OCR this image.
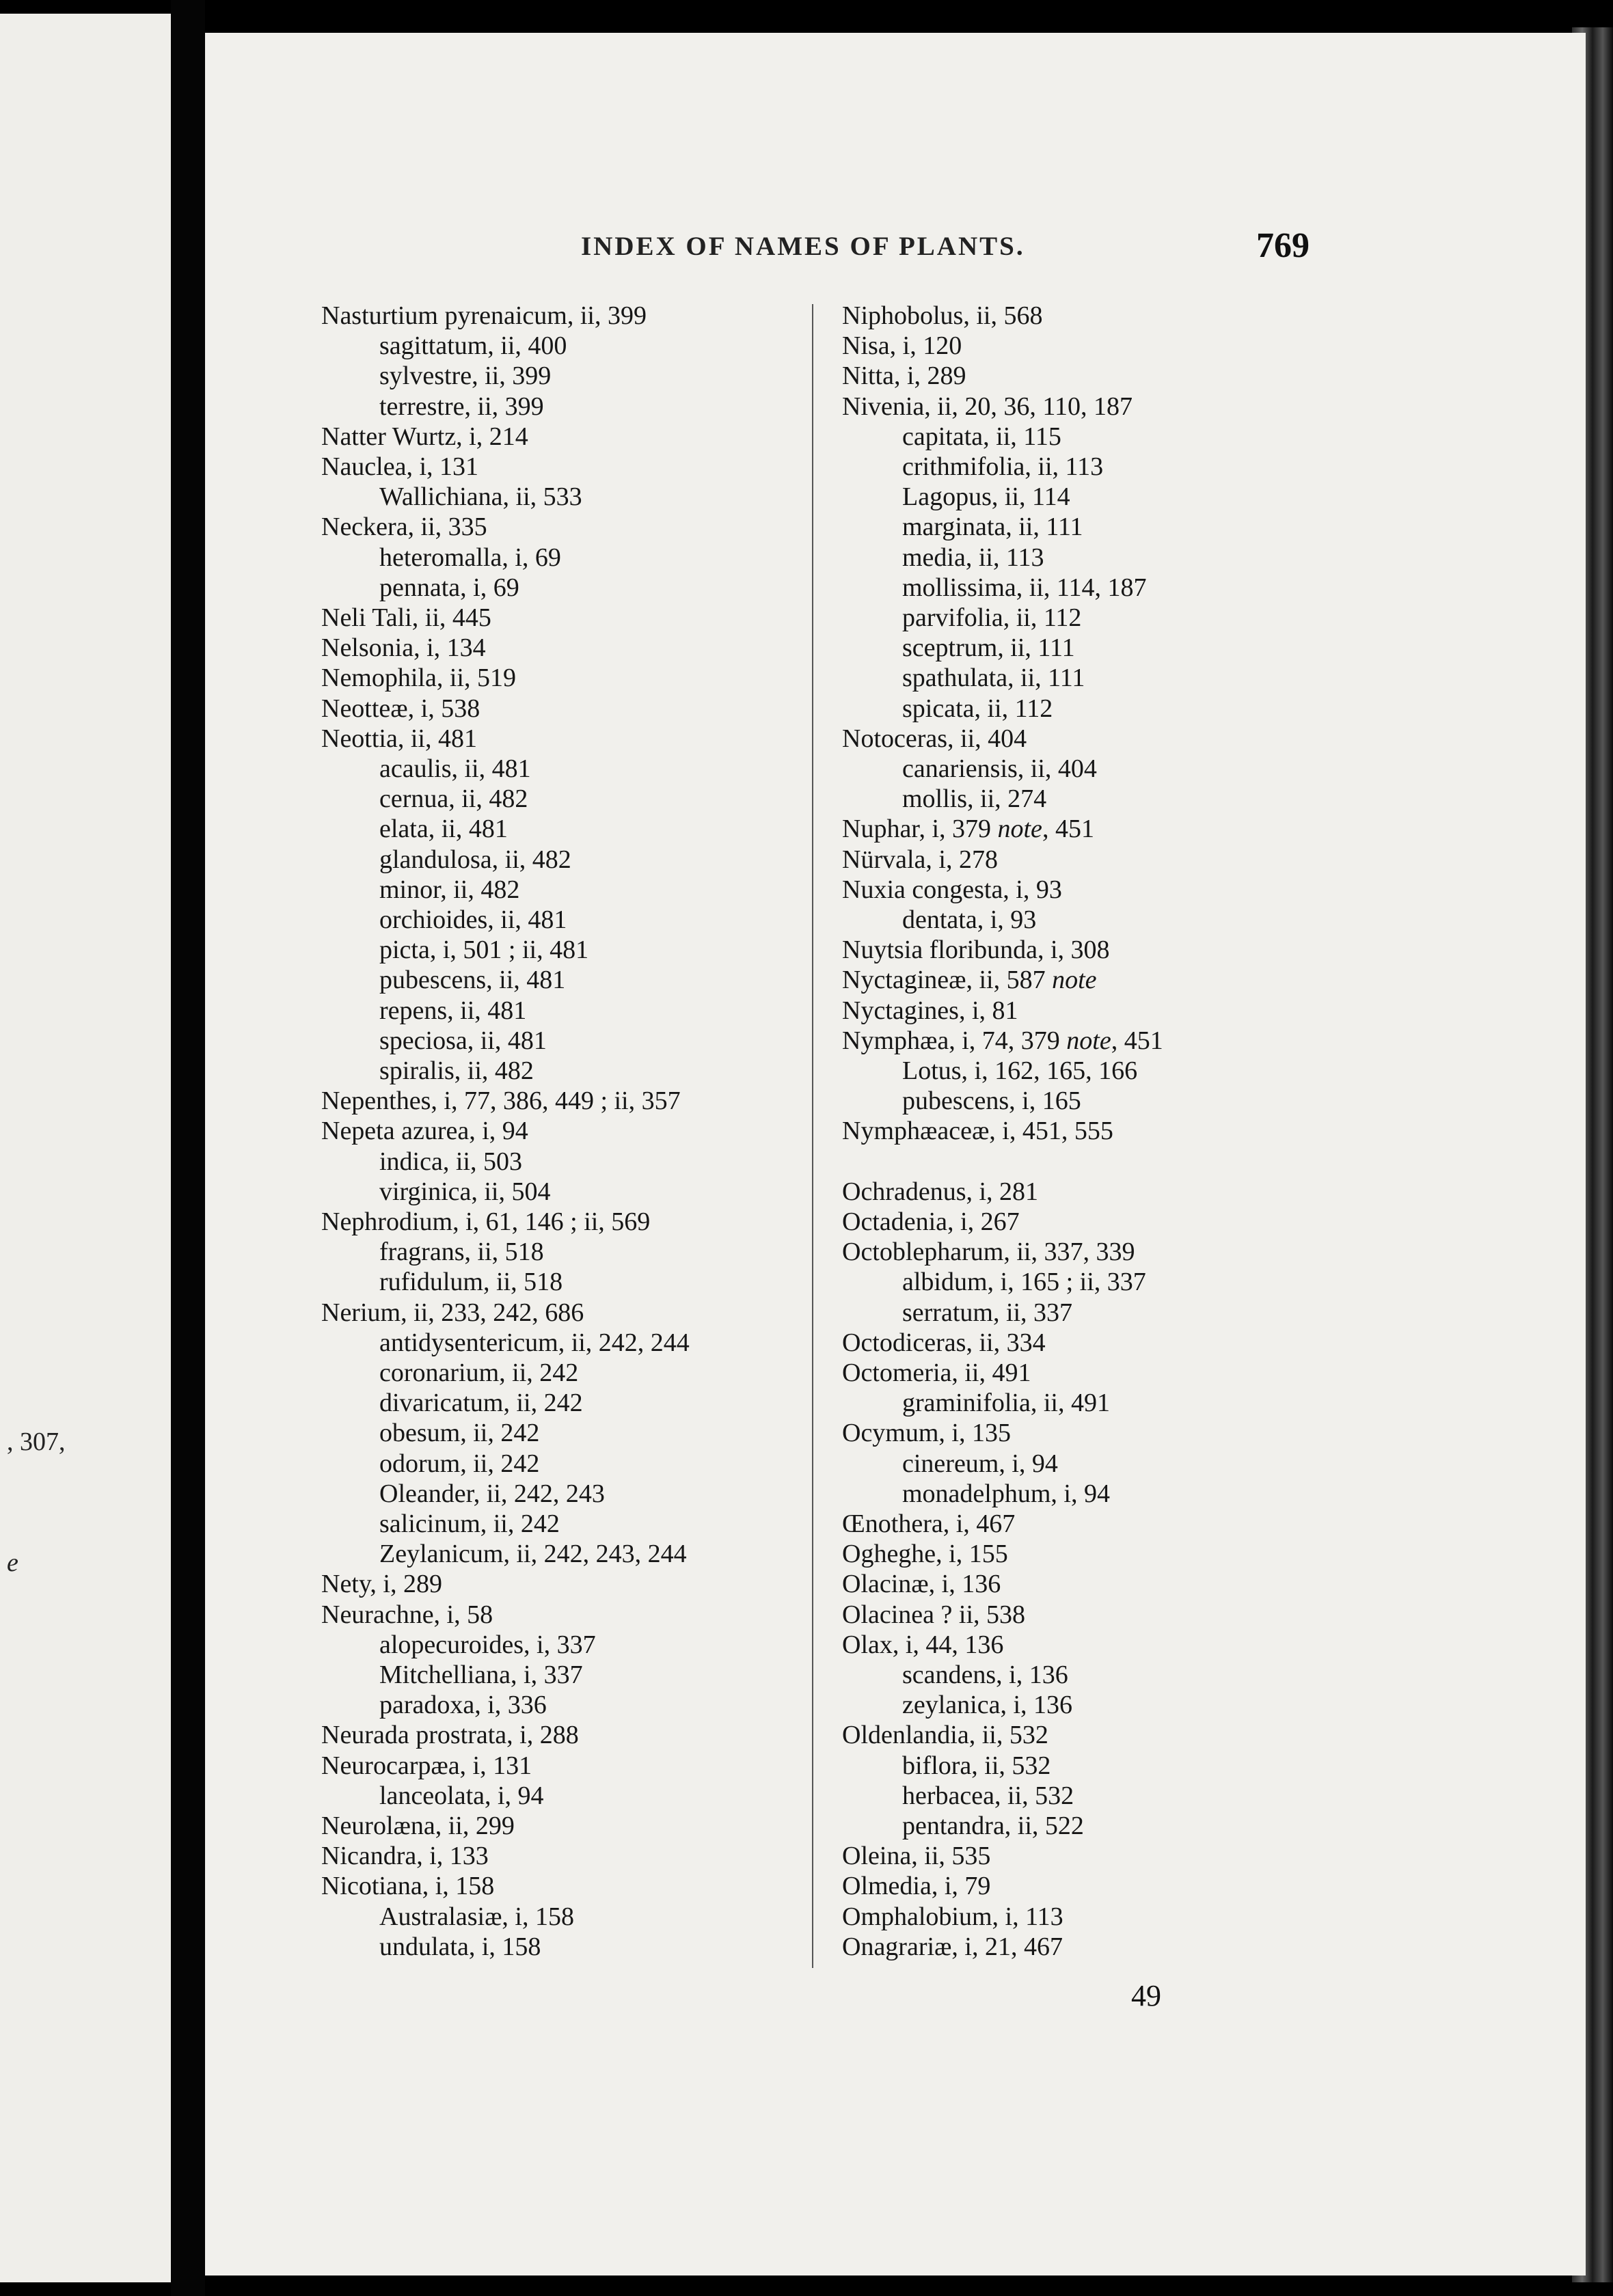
, 307,
e
INDEX OF NAMES OF PLANTS.	769
Nasturtium pyrenaicum, ii, 399
sagittatum, ii, 400
sylvestre, ii, 399
terrestre, ii, 399
Natter Wurtz, i, 214
Nauclea, i, 131
Wallichiana, ii, 533
Neckera, ii, 335
heteromalla, i, 69
pennata, i, 69
Neli Tali, ii, 445
Nelsonia, i, 134
Nemophila, ii, 519
Neotteæ, i, 538
Neottia, ii, 481
acaulis, ii, 481
cernua, ii, 482
elata, ii, 481
glandulosa, ii, 482
minor, ii, 482
orchioides, ii, 481
picta, i, 501 ; ii, 481
pubescens, ii, 481
repens, ii, 481
speciosa, ii, 481
spiralis, ii, 482
Nepenthes, i, 77, 386, 449 ; ii, 357
Nepeta azurea, i, 94
indica, ii, 503
virginica, ii, 504
Nephrodium, i, 61, 146 ; ii, 569
fragrans, ii, 518
rufidulum, ii, 518
Nerium, ii, 233, 242, 686
antidysentericum, ii, 242, 244
coronarium, ii, 242
divaricatum, ii, 242
obesum, ii, 242
odorum, ii, 242
Oleander, ii, 242, 243
salicinum, ii, 242
Zeylanicum, ii, 242, 243, 244
Nety, i, 289
Neurachne, i, 58
alopecuroides, i, 337
Mitchelliana, i, 337
paradoxa, i, 336
Neurada prostrata, i, 288
Neurocarpæa, i, 131
lanceolata, i, 94
Neurolæna, ii, 299
Nicandra, i, 133
Nicotiana, i, 158
Australasiæ, i, 158
undulata, i, 158
Niphobolus, ii, 568
Nisa, i, 120
Nitta, i, 289
Nivenia, ii, 20, 36, 110, 187
capitata, ii, 115
crithmifolia, ii, 113
Lagopus, ii, 114
marginata, ii, 111
media, ii, 113
mollissima, ii, 114, 187
parvifolia, ii, 112
sceptrum, ii, 111
spathulata, ii, 111
spicata, ii, 112
Notoceras, ii, 404
canariensis, ii, 404
mollis, ii, 274
Nuphar, i, 379 note, 451
Nürvala, i, 278
Nuxia congesta, i, 93
dentata, i, 93
Nuytsia floribunda, i, 308
Nyctagineæ, ii, 587 note
Nyctagines, i, 81
Nymphæa, i, 74, 379 note, 451
Lotus, i, 162, 165, 166
pubescens, i, 165
Nymphæaceæ, i, 451, 555
Ochradenus, i, 281
Octadenia, i, 267
Octoblepharum, ii, 337, 339
albidum, i, 165 ; ii, 337
serratum, ii, 337
Octodiceras, ii, 334
Octomeria, ii, 491
graminifolia, ii, 491
Ocymum, i, 135
cinereum, i, 94
monadelphum, i, 94
Œnothera, i, 467
Ogheghe, i, 155
Olacinæ, i, 136
Olacinea ? ii, 538
Olax, i, 44, 136
scandens, i, 136
zeylanica, i, 136
Oldenlandia, ii, 532
biflora, ii, 532
herbacea, ii, 532
pentandra, ii, 522
Oleina, ii, 535
Olmedia, i, 79
Omphalobium, i, 113
Onagrariæ, i, 21, 467
49
